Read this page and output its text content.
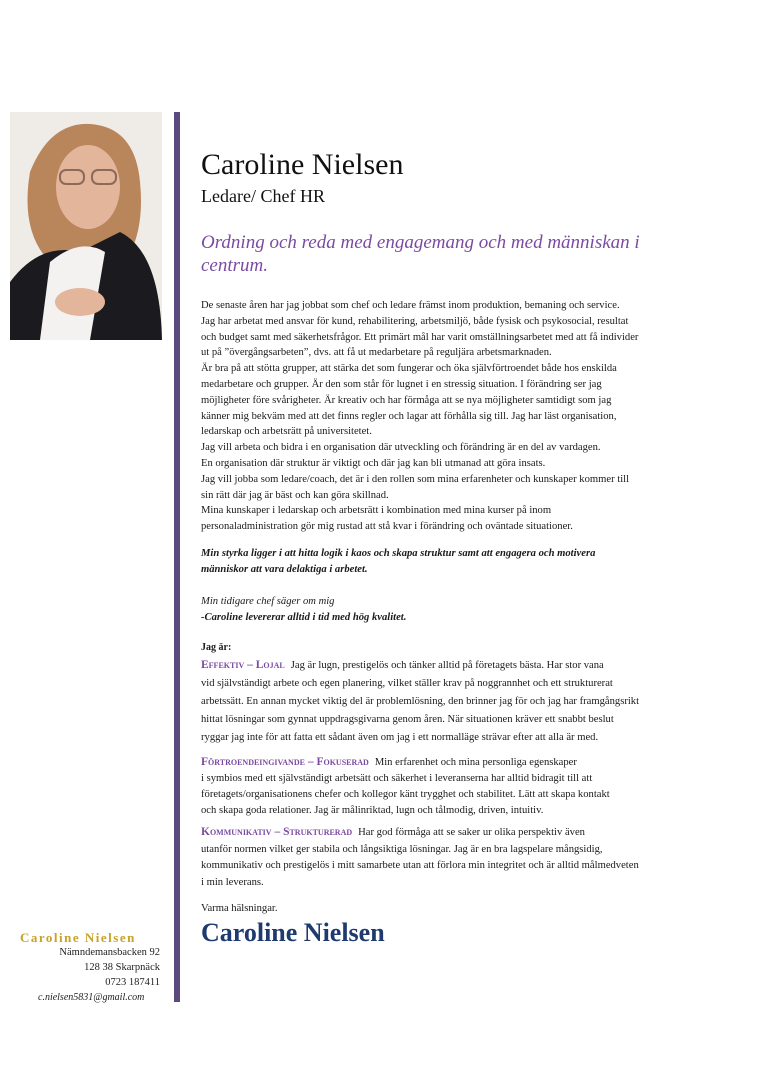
Caroline Nielsen
Ledare/ Chef HR
Ordning och reda med engagemang och med människan i centrum.
De senaste åren har jag jobbat som chef och ledare främst inom produktion, bemaning och service.
Jag har arbetat med ansvar för kund, rehabilitering, arbetsmiljö, både fysisk och psykosocial, resultat
och budget samt med säkerhetsfrågor. Ett primärt mål har varit omställningsarbetet med att få individer
ut på ”övergångsarbeten”, dvs. att få ut medarbetare på reguljära arbetsmarknaden.
Är bra på att stötta grupper, att stärka det som fungerar och öka självförtroendet både hos enskilda
medarbetare och grupper. Är den som står för lugnet i en stressig situation. I förändring ser jag
möjligheter före svårigheter. Är kreativ och har förmåga att se nya möjligheter samtidigt som jag
känner mig bekväm med att det finns regler och lagar att förhålla sig till. Jag har läst organisation,
ledarskap och arbetsrätt på universitetet.
Jag vill arbeta och bidra i en organisation där utveckling och förändring är en del av vardagen.
En organisation där struktur är viktigt och där jag kan bli utmanad att göra insats.
Jag vill jobba som ledare/coach, det är i den rollen som mina erfarenheter och kunskaper kommer till
sin rätt där jag är bäst och kan göra skillnad.
Mina kunskaper i ledarskap och arbetsrätt i kombination med mina kurser på inom
personaladministration gör mig rustad att stå kvar i förändring och oväntade situationer.
Min styrka ligger i att hitta logik i kaos och skapa struktur samt att engagera och motivera
människor att vara delaktiga i arbetet.
Min tidigare chef säger om mig
-Caroline levererar alltid i tid med hög kvalitet.
Jag är:
Effektiv – Lojal Jag är lugn, prestigelös och tänker alltid på företagets bästa. Har stor vana
vid självständigt arbete och egen planering, vilket ställer krav på noggrannhet och ett strukturerat
arbetssätt. En annan mycket viktig del är problemlösning, den brinner jag för och jag har framgångsrikt
hittat lösningar som gynnat uppdragsgivarna genom åren. När situationen kräver ett snabbt beslut
ryggar jag inte för att fatta ett sådant även om jag i ett normalläge strävar efter att alla är med.
Förtroendeingivande – Fokuserad Min erfarenhet och mina personliga egenskaper
i symbios med ett självständigt arbetsätt och säkerhet i leveranserna har alltid bidragit till att
företagets/organisationens chefer och kollegor känt trygghet och stabilitet. Lätt att skapa kontakt
och skapa goda relationer. Jag är målinriktad, lugn och tålmodig, driven, intuitiv.
Kommunikativ – Strukturerad Har god förmåga att se saker ur olika perspektiv även
utanför normen vilket ger stabila och långsiktiga lösningar. Jag är en bra lagspelare mångsidig,
kommunikativ och prestigelös i mitt samarbete utan att förlora min integritet och är alltid målmedveten
i min leverans.
Varma hälsningar.
Caroline Nielsen
Caroline Nielsen
Nämndemansbacken 92
128 38 Skarpnäck
0723 187411
c.nielsen5831@gmail.com
